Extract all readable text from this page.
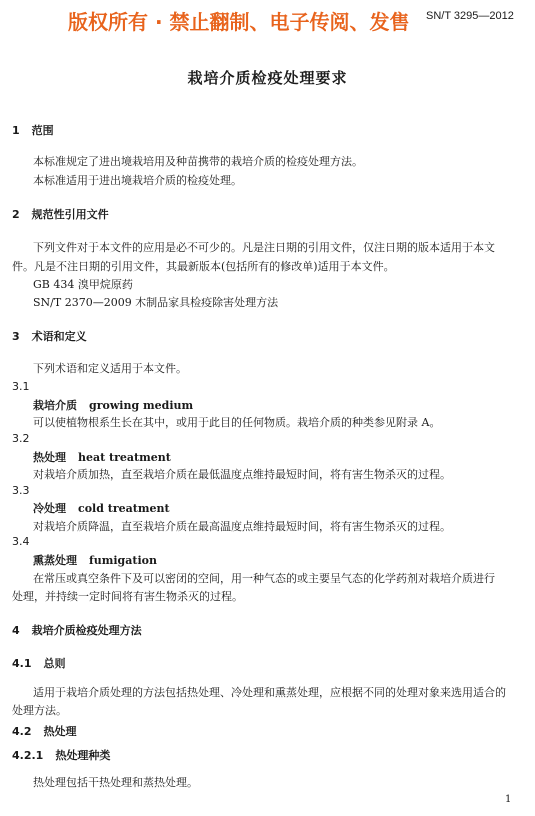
版权所有 · 禁止翻制、电子传阅、发售 SN/T 3295—2012
栽培介质检疫处理要求
1 范围
本标准规定了进出境栽培用及种苗携带的栽培介质的检疫处理方法。
本标准适用于进出境栽培介质的检疫处理。
2 规范性引用文件
下列文件对于本文件的应用是必不可少的。凡是注日期的引用文件，仅注日期的版本适用于本文
件。凡是不注日期的引用文件，其最新版本(包括所有的修改单)适用于本文件。
GB 434 溴甲烷原药
SN/T 2370—2009 木制品家具检疫除害处理方法
3 术语和定义
下列术语和定义适用于本文件。
3.1
栽培介质 growing medium
可以使植物根系生长在其中，或用于此目的任何物质。栽培介质的种类参见附录 A。
3.2
热处理 heat treatment
对栽培介质加热，直至栽培介质在最低温度点维持最短时间，将有害生物杀灭的过程。
3.3
冷处理 cold treatment
对栽培介质降温，直至栽培介质在最高温度点维持最短时间，将有害生物杀灭的过程。
3.4
熏蒸处理 fumigation
在常压或真空条件下及可以密闭的空间，用一种气态的或主要呈气态的化学药剂对栽培介质进行
处理，并持续一定时间将有害生物杀灭的过程。
4 栽培介质检疫处理方法
4.1 总则
适用于栽培介质处理的方法包括热处理、冷处理和熏蒸处理，应根据不同的处理对象来选用适合的
处理方法。
4.2 热处理
4.2.1 热处理种类
热处理包括干热处理和蒸热处理。
1
